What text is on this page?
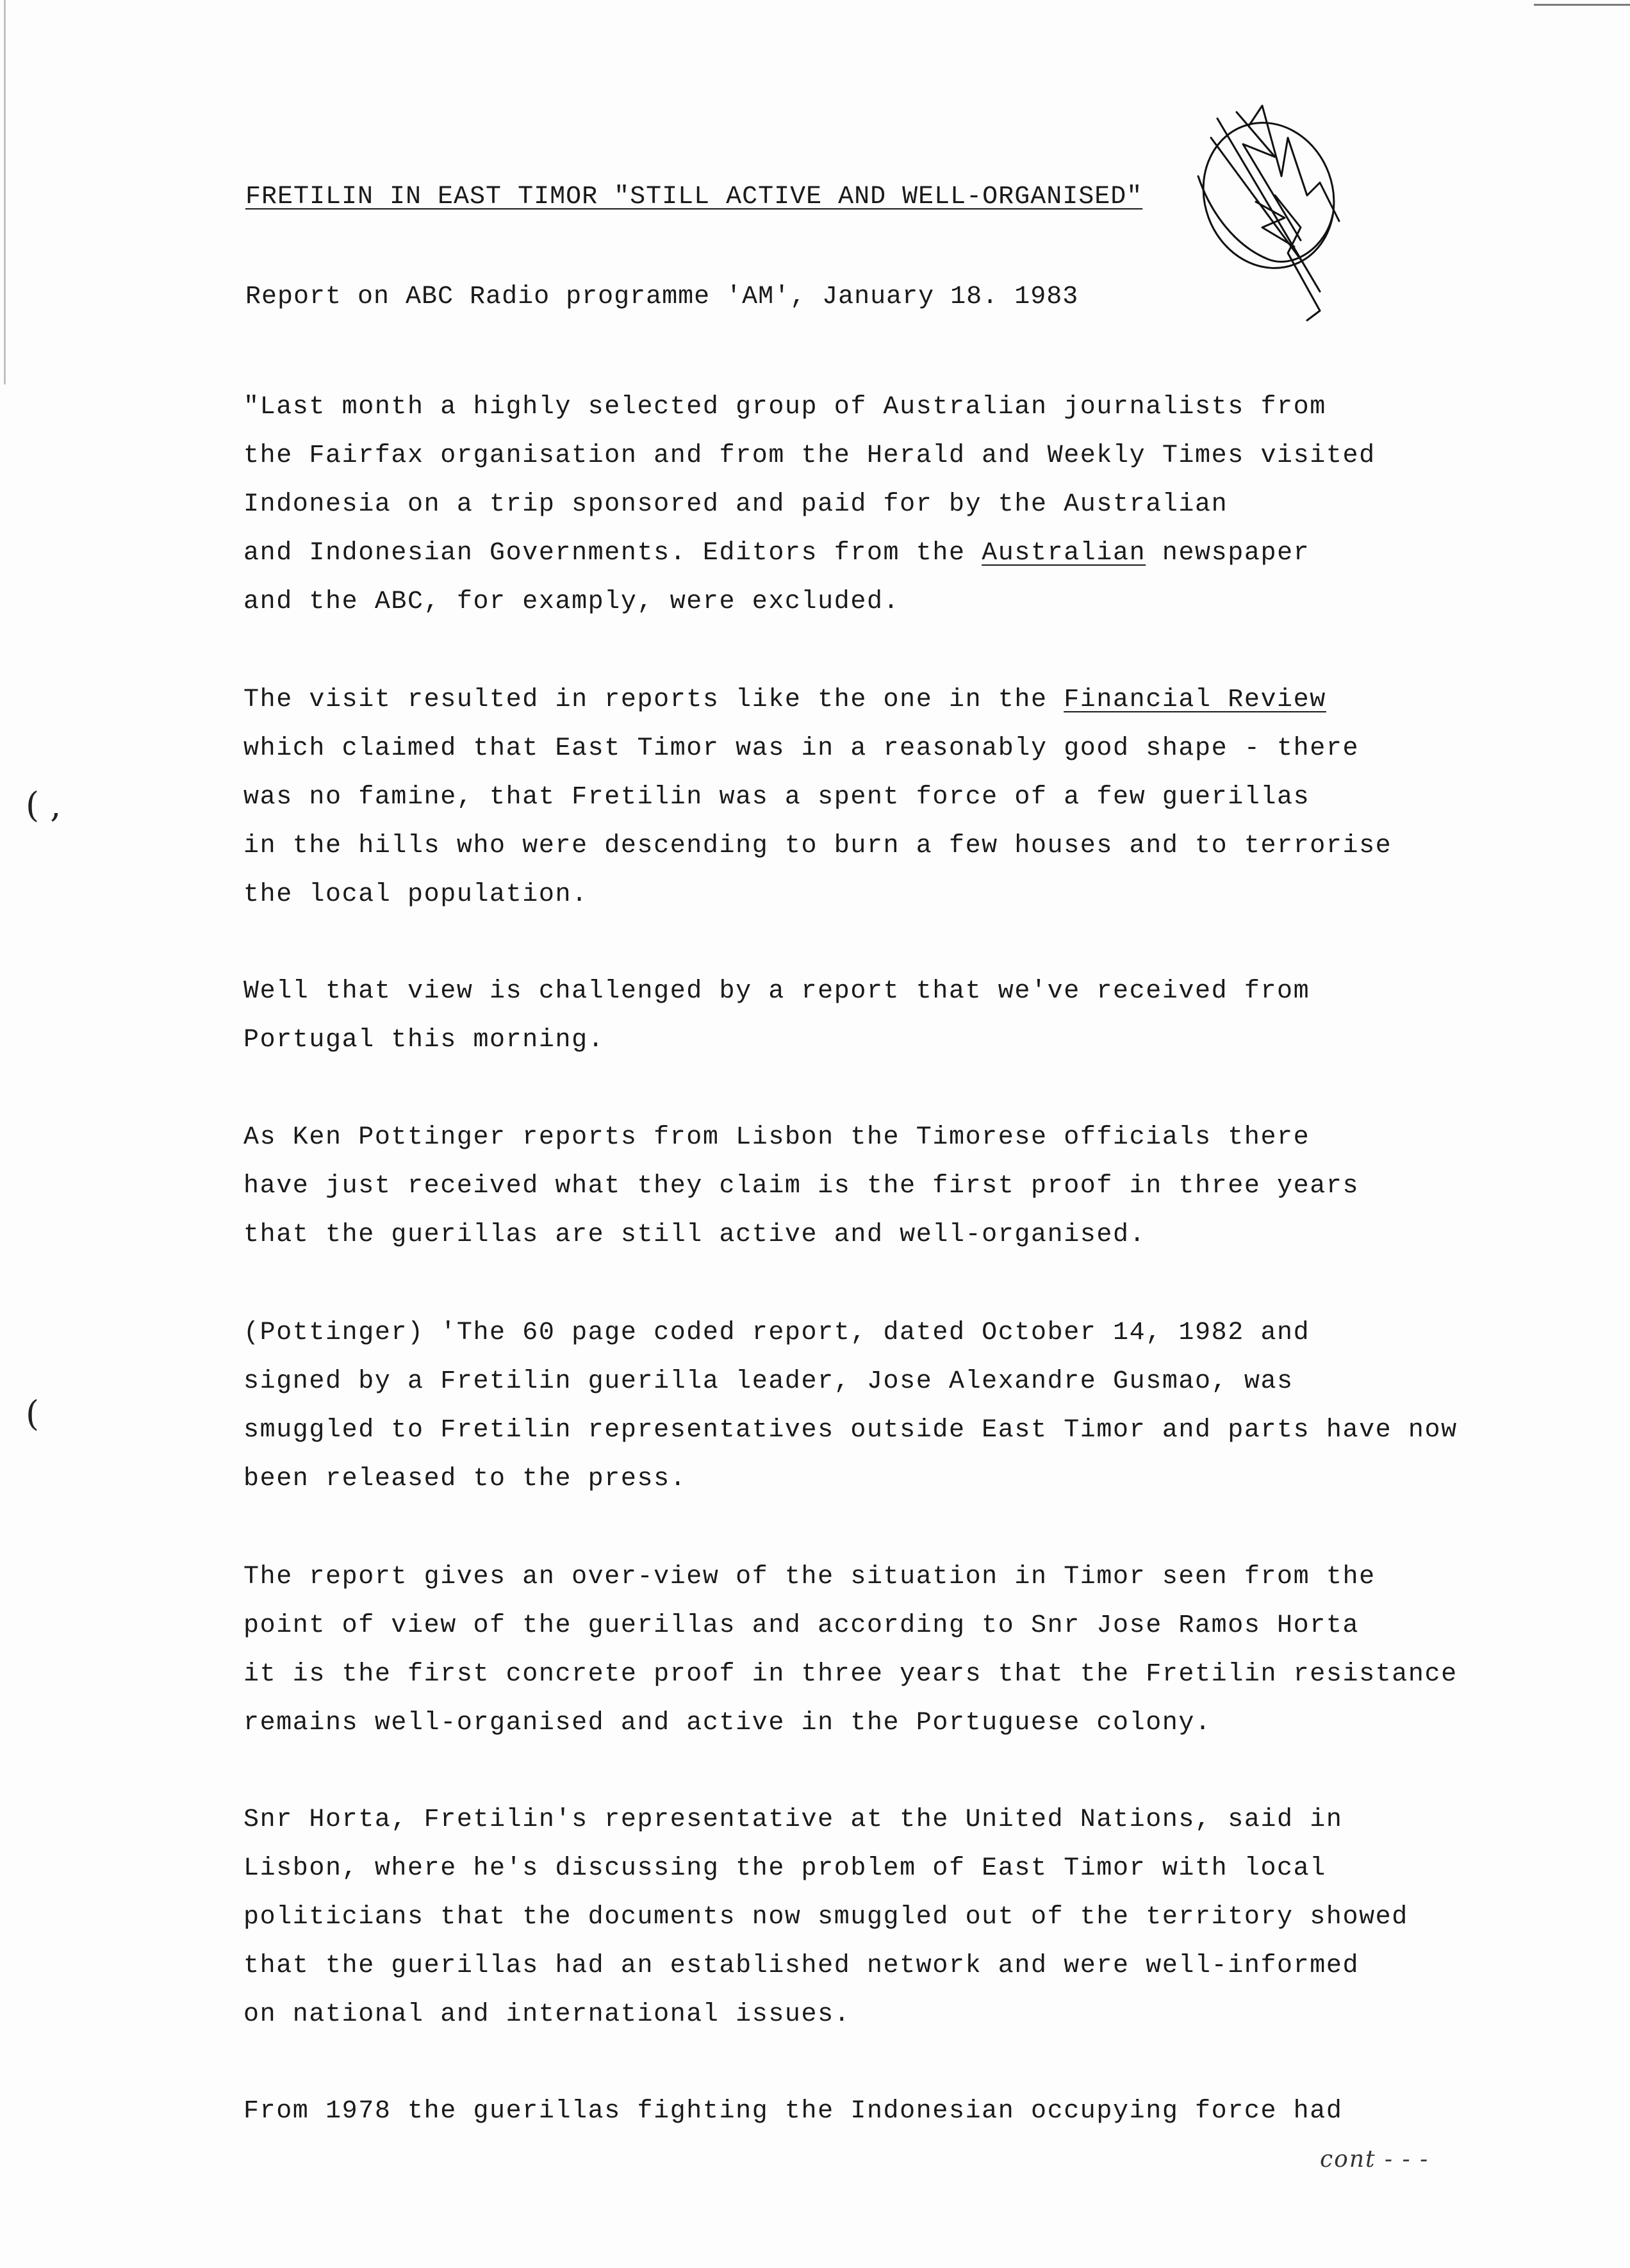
FRETILIN IN EAST TIMOR "STILL ACTIVE AND WELL-ORGANISED"
Report on ABC Radio programme 'AM', January 18. 1983
"Last month a highly selected group of Australian journalists from
the Fairfax organisation and from the Herald and Weekly Times visited
Indonesia on a trip sponsored and paid for by the Australian
and Indonesian Governments. Editors from the Australian newspaper
and the ABC, for examply, were excluded.
The visit resulted in reports like the one in the Financial Review
which claimed that East Timor was in a reasonably good shape - there
was no famine, that Fretilin was a spent force of a few guerillas
in the hills who were descending to burn a few houses and to terrorise
the local population.
Well that view is challenged by a report that we've received from
Portugal this morning.
As Ken Pottinger reports from Lisbon the Timorese officials there
have just received what they claim is the first proof in three years
that the guerillas are still active and well-organised.
(Pottinger) 'The 60 page coded report, dated October 14, 1982 and
signed by a Fretilin guerilla leader, Jose Alexandre Gusmao, was
smuggled to Fretilin representatives outside East Timor and parts have now
been released to the press.
The report gives an over-view of the situation in Timor seen from the
point of view of the guerillas and according to Snr Jose Ramos Horta
it is the first concrete proof in three years that the Fretilin resistance
remains well-organised and active in the Portuguese colony.
Snr Horta, Fretilin's representative at the United Nations, said in
Lisbon, where he's discussing the problem of East Timor with local
politicians that the documents now smuggled out of the territory showed
that the guerillas had an established network and were well-informed
on national and international issues.
From 1978 the guerillas fighting the Indonesian occupying force had
( ,
(
cont - - -
